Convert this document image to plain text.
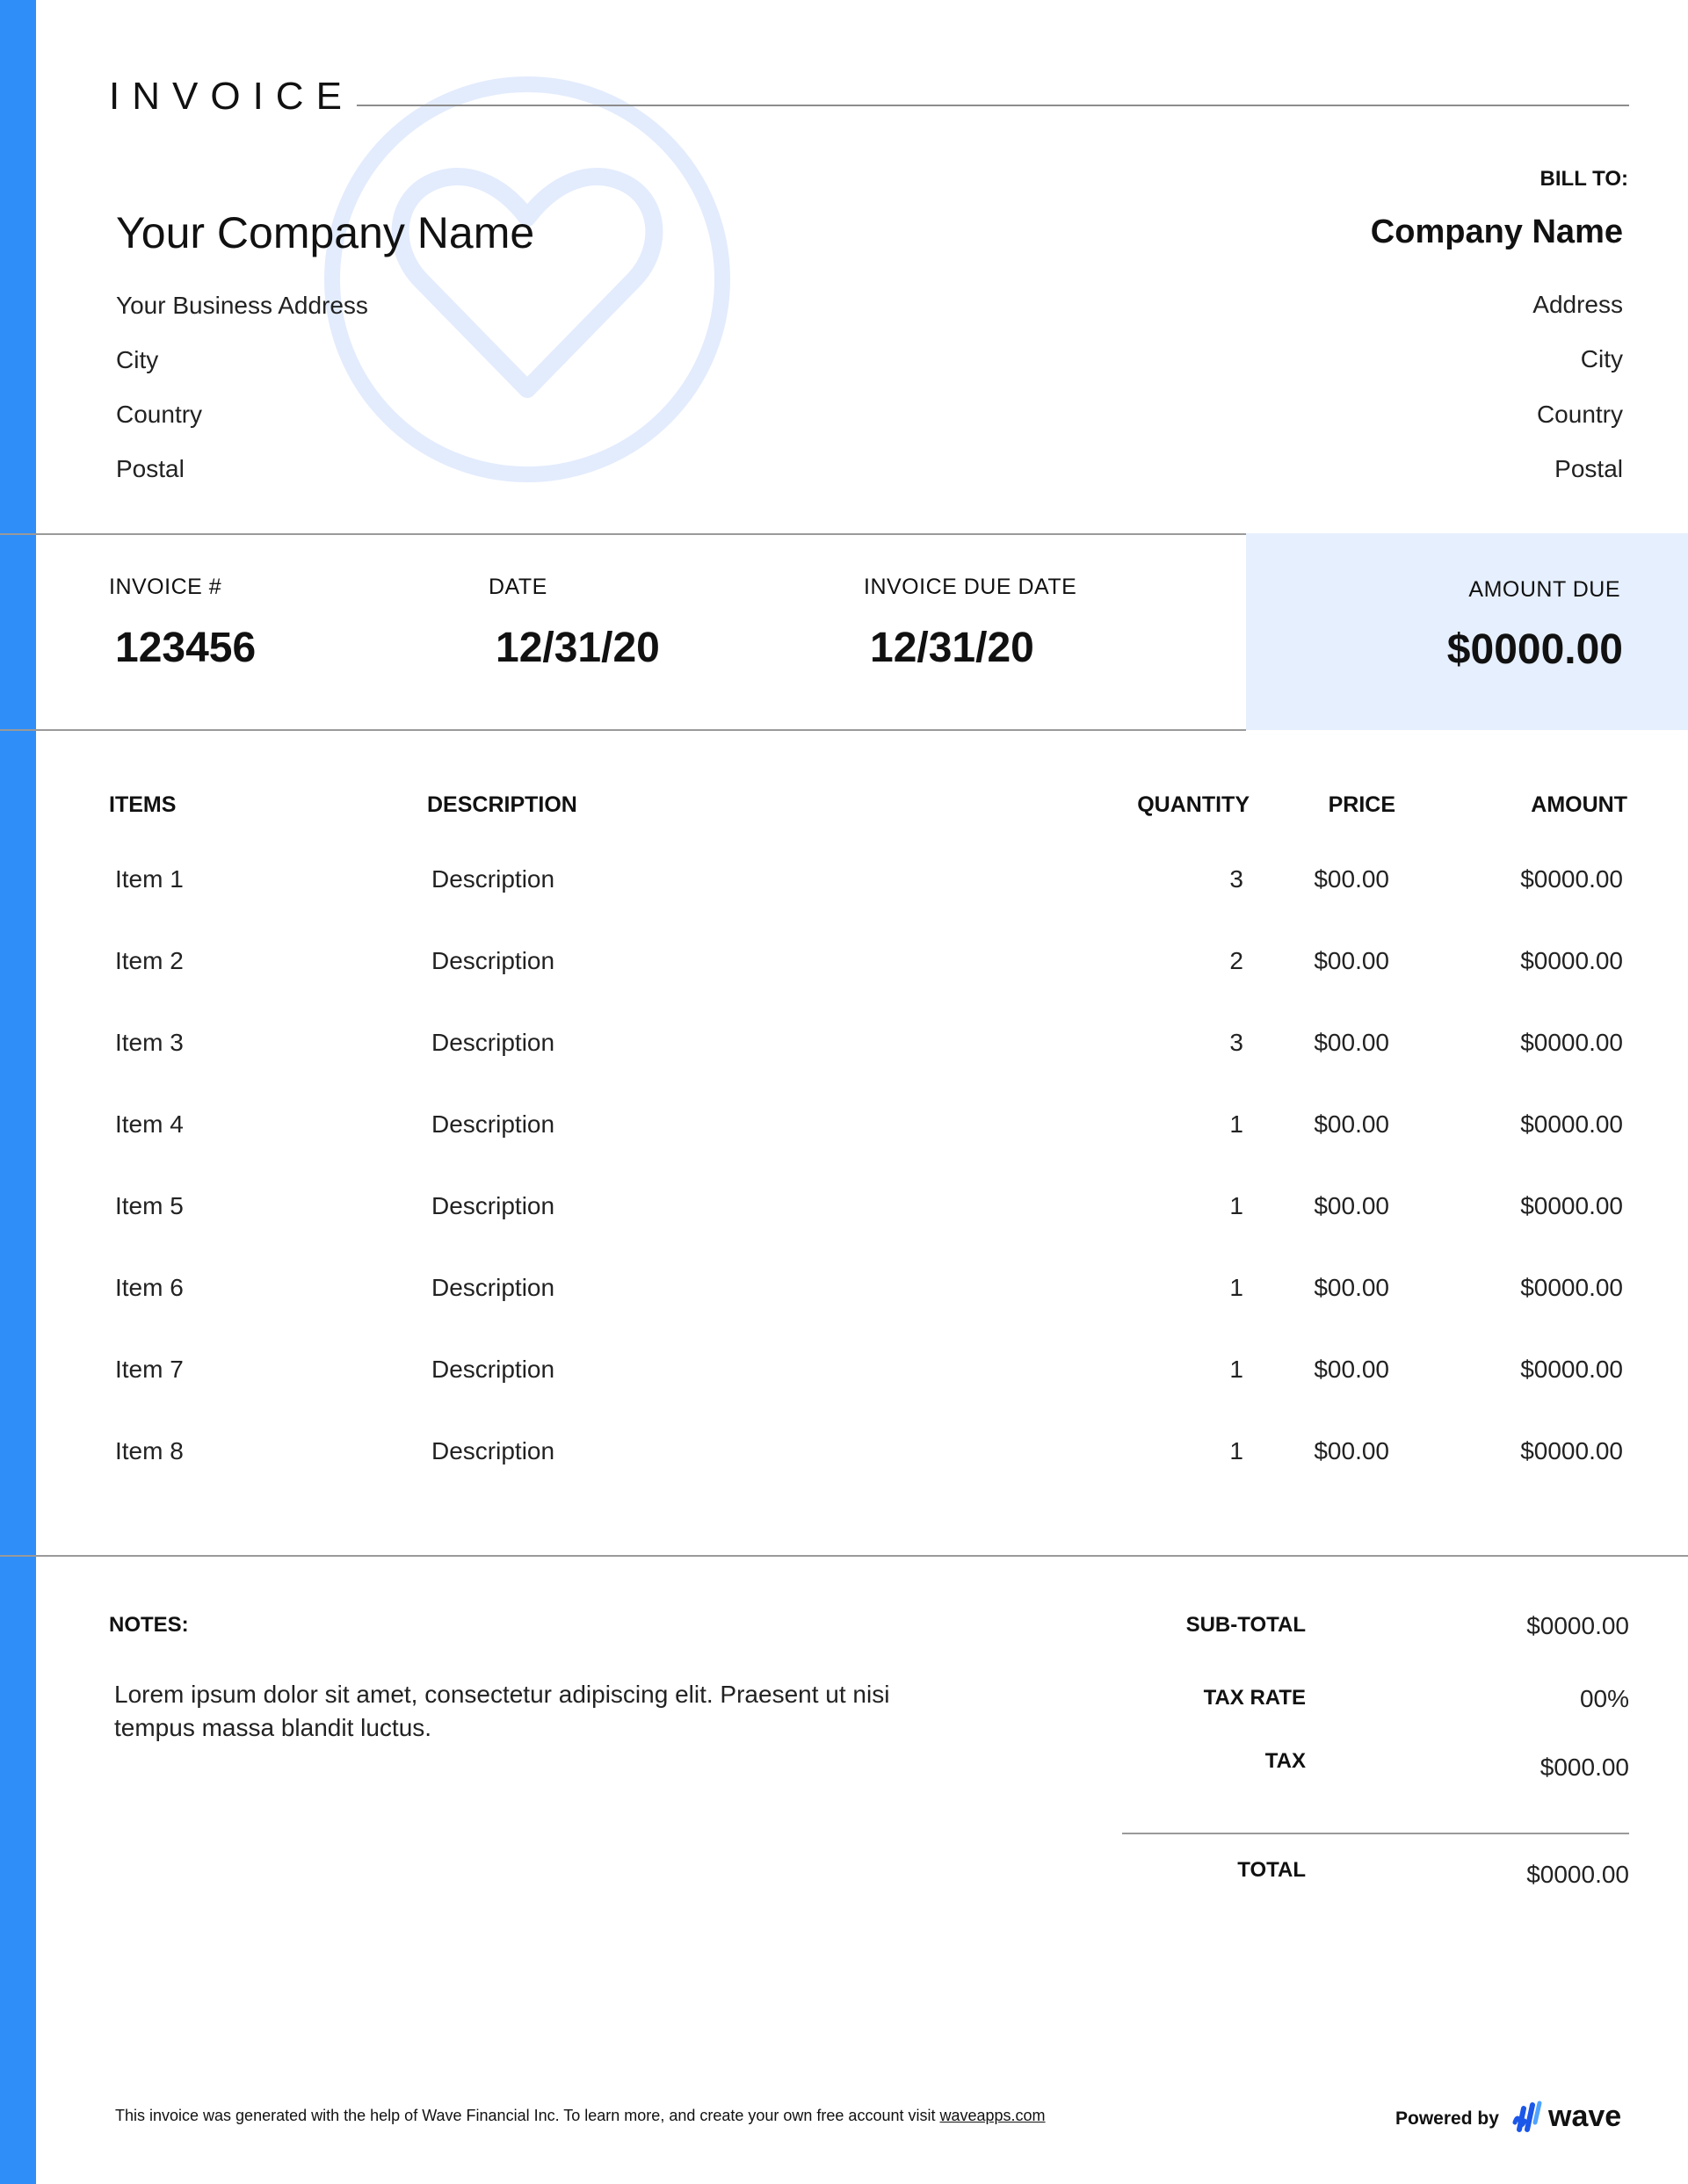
INVOICE
Your Company Name
Your Business Address
City
Country
Postal
BILL TO:
Company Name
Address
City
Country
Postal
INVOICE #
123456
DATE
12/31/20
INVOICE DUE DATE
12/31/20
AMOUNT DUE
$0000.00
ITEMS	DESCRIPTION	QUANTITY	PRICE	AMOUNT
Item 1	Description	3	$00.00	$0000.00
Item 2	Description	2	$00.00	$0000.00
Item 3	Description	3	$00.00	$0000.00
Item 4	Description	1	$00.00	$0000.00
Item 5	Description	1	$00.00	$0000.00
Item 6	Description	1	$00.00	$0000.00
Item 7	Description	1	$00.00	$0000.00
Item 8	Description	1	$00.00	$0000.00
NOTES:
Lorem ipsum dolor sit amet, consectetur adipiscing elit. Praesent ut nisi tempus massa blandit luctus.
SUB-TOTAL	$0000.00
TAX RATE	00%
TAX	$000.00
TOTAL	$0000.00
This invoice was generated with the help of Wave Financial Inc. To learn more, and create your own free account visit waveapps.com	Powered by wave
